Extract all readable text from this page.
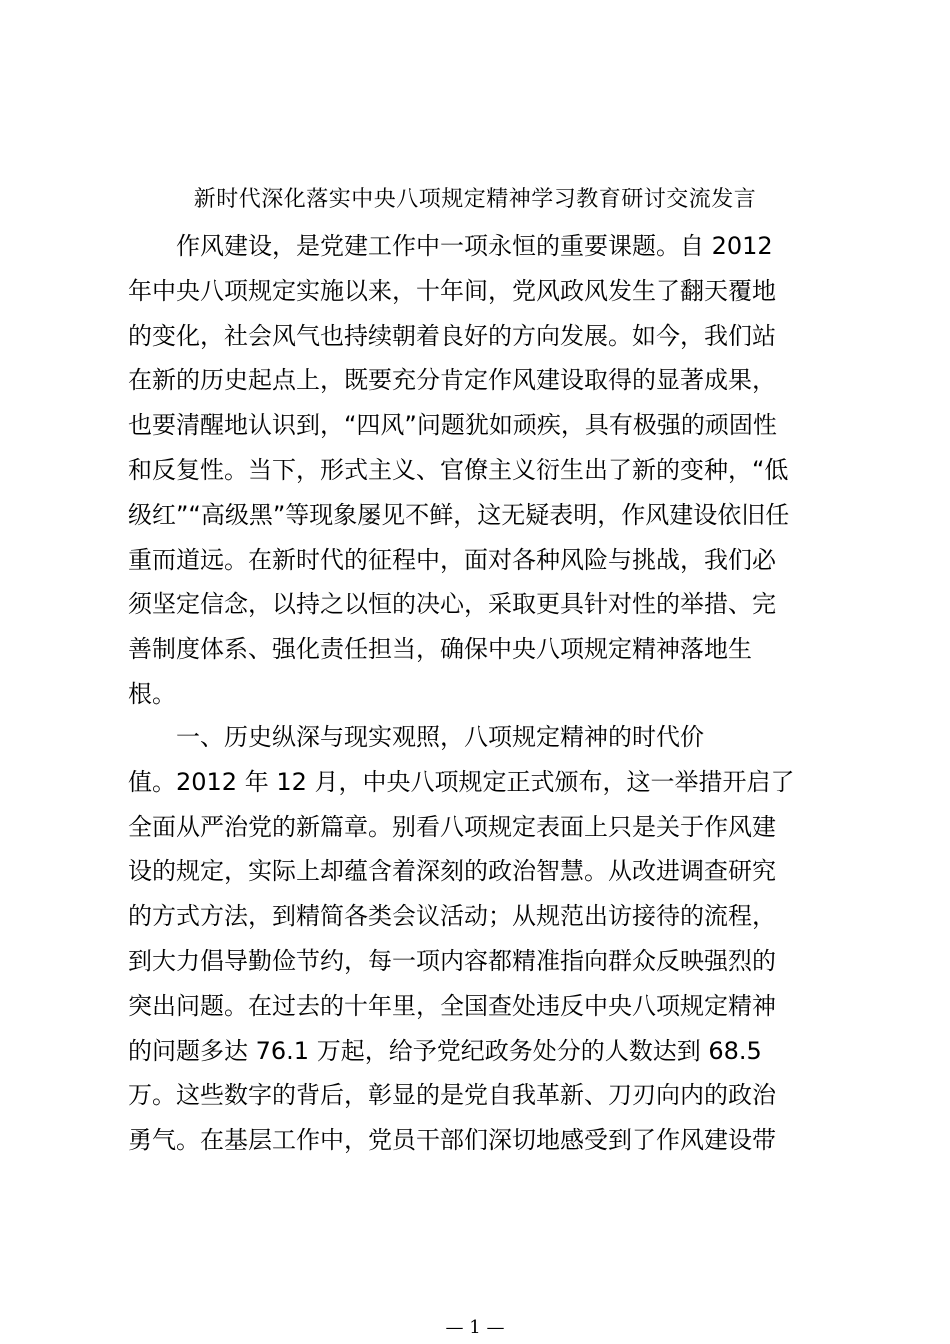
新时代深化落实中央八项规定精神学习教育研讨交流发言
作风建设，是党建工作中一项永恒的重要课题。自 2012
年中央八项规定实施以来，十年间，党风政风发生了翻天覆地
的变化，社会风气也持续朝着良好的方向发展。如今，我们站
在新的历史起点上，既要充分肯定作风建设取得的显著成果，
也要清醒地认识到，“四风”问题犹如顽疾，具有极强的顽固性
和反复性。当下，形式主义、官僚主义衍生出了新的变种，“低
级红”“高级黑”等现象屡见不鲜，这无疑表明，作风建设依旧任
重而道远。在新时代的征程中，面对各种风险与挑战，我们必
须坚定信念，以持之以恒的决心，采取更具针对性的举措、完
善制度体系、强化责任担当，确保中央八项规定精神落地生
根。
一、历史纵深与现实观照，八项规定精神的时代价
值。2012 年 12 月，中央八项规定正式颁布，这一举措开启了
全面从严治党的新篇章。别看八项规定表面上只是关于作风建
设的规定，实际上却蕴含着深刻的政治智慧。从改进调查研究
的方式方法，到精简各类会议活动；从规范出访接待的流程，
到大力倡导勤俭节约，每一项内容都精准指向群众反映强烈的
突出问题。在过去的十年里，全国查处违反中央八项规定精神
的问题多达 76.1 万起，给予党纪政务处分的人数达到 68.5
万。这些数字的背后，彰显的是党自我革新、刀刃向内的政治
勇气。在基层工作中，党员干部们深切地感受到了作风建设带
— 1 —
